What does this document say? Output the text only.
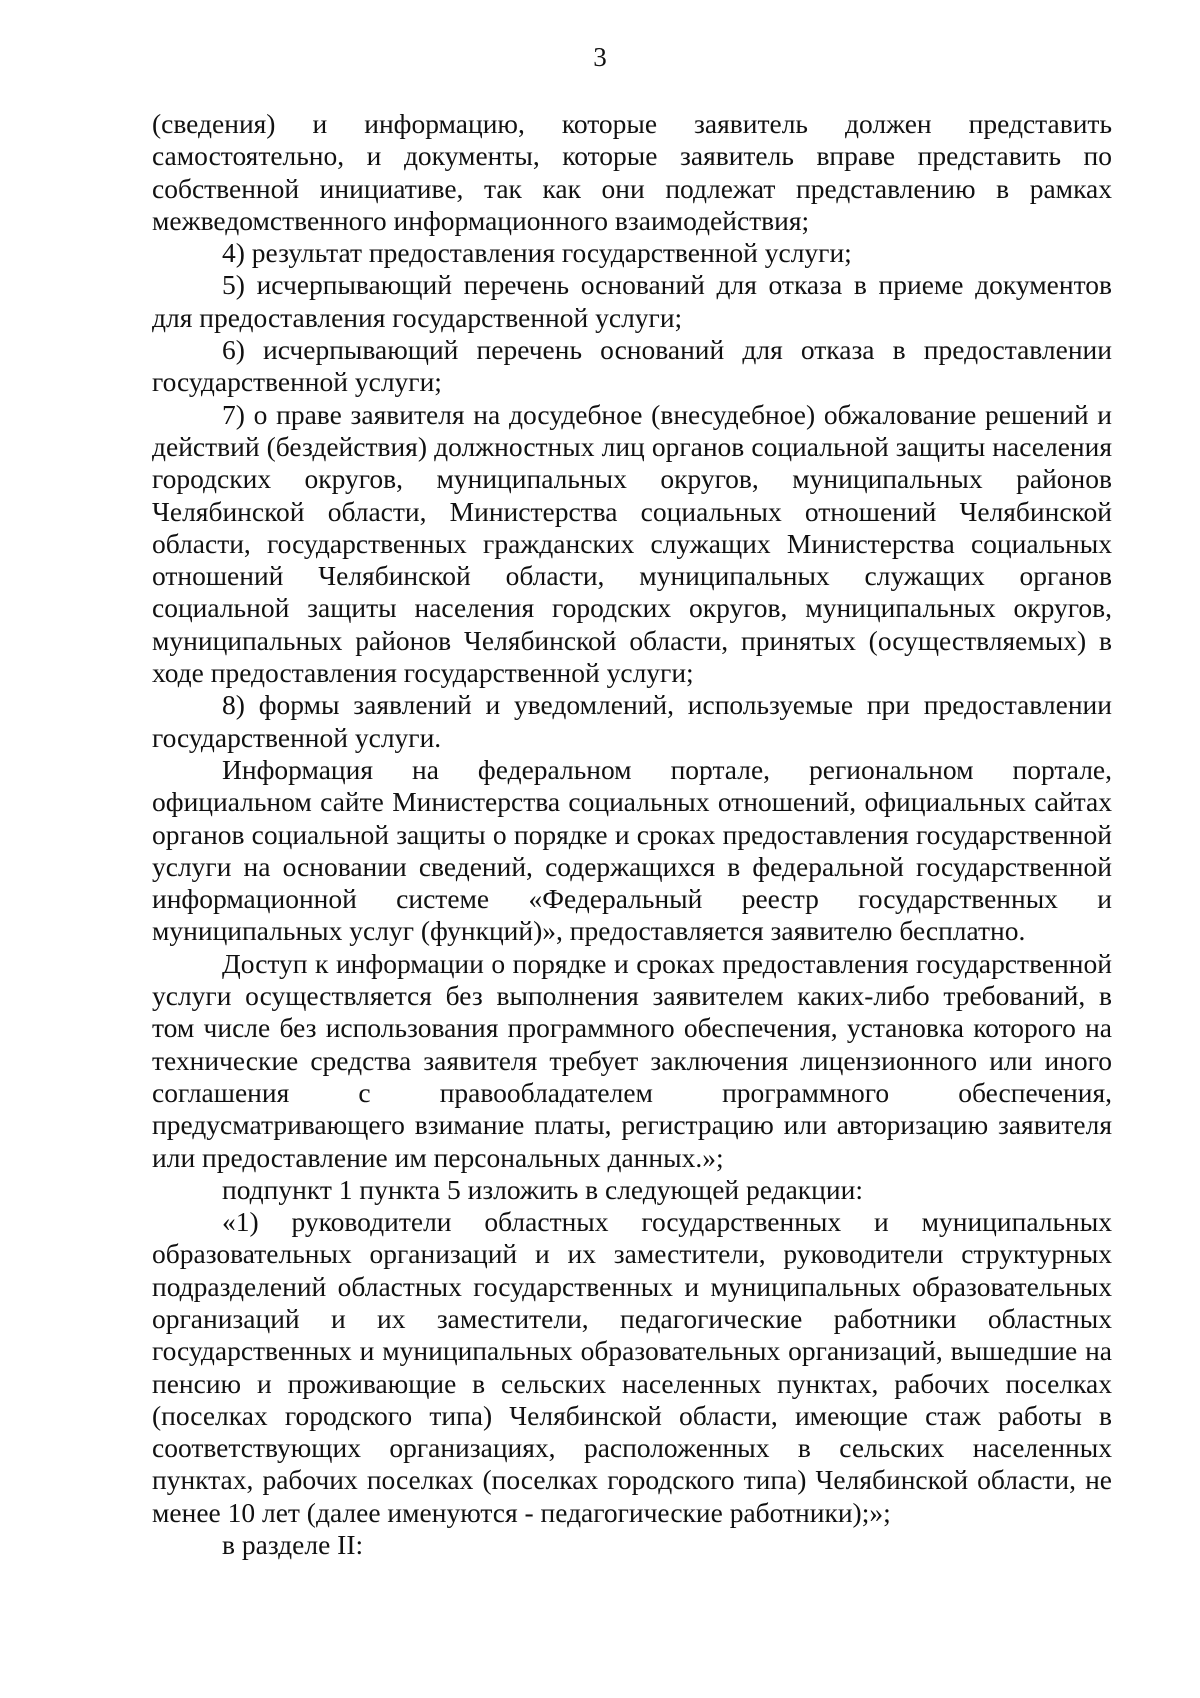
3

(сведения) и информацию, которые заявитель должен представить самостоятельно, и документы, которые заявитель вправе представить по собственной инициативе, так как они подлежат представлению в рамках межведомственного информационного взаимодействия;

4) результат предоставления государственной услуги;

5) исчерпывающий перечень оснований для отказа в приеме документов для предоставления государственной услуги;

6) исчерпывающий перечень оснований для отказа в предоставлении государственной услуги;

7) о праве заявителя на досудебное (внесудебное) обжалование решений и действий (бездействия) должностных лиц органов социальной защиты населения городских округов, муниципальных округов, муниципальных районов Челябинской области, Министерства социальных отношений Челябинской области, государственных гражданских служащих Министерства социальных отношений Челябинской области, муниципальных служащих органов социальной защиты населения городских округов, муниципальных округов, муниципальных районов Челябинской области, принятых (осуществляемых) в ходе предоставления государственной услуги;

8) формы заявлений и уведомлений, используемые при предоставлении государственной услуги.

Информация на федеральном портале, региональном портале, официальном сайте Министерства социальных отношений, официальных сайтах органов социальной защиты о порядке и сроках предоставления государственной услуги на основании сведений, содержащихся в федеральной государственной информационной системе «Федеральный реестр государственных и муниципальных услуг (функций)», предоставляется заявителю бесплатно.

Доступ к информации о порядке и сроках предоставления государственной услуги осуществляется без выполнения заявителем каких-либо требований, в том числе без использования программного обеспечения, установка которого на технические средства заявителя требует заключения лицензионного или иного соглашения с правообладателем программного обеспечения, предусматривающего взимание платы, регистрацию или авторизацию заявителя или предоставление им персональных данных.»;

подпункт 1 пункта 5 изложить в следующей редакции:

«1) руководители областных государственных и муниципальных образовательных организаций и их заместители, руководители структурных подразделений областных государственных и муниципальных образовательных организаций и их заместители, педагогические работники областных государственных и муниципальных образовательных организаций, вышедшие на пенсию и проживающие в сельских населенных пунктах, рабочих поселках (поселках городского типа) Челябинской области, имеющие стаж работы в соответствующих организациях, расположенных в сельских населенных пунктах, рабочих поселках (поселках городского типа) Челябинской области, не менее 10 лет (далее именуются - педагогические работники);»;

в разделе II:
